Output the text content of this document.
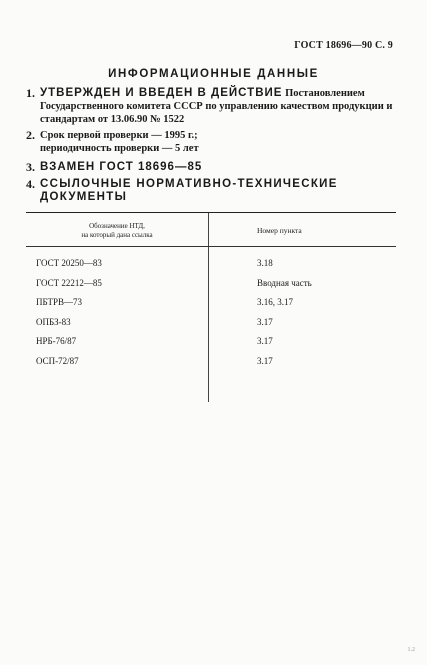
ГОСТ 18696—90 С. 9
ИНФОРМАЦИОННЫЕ ДАННЫЕ
1. УТВЕРЖДЕН И ВВЕДЕН В ДЕЙСТВИЕ Постановлением Государственного комитета СССР по управлению качеством продукции и стандартам от 13.06.90 № 1522
2. Срок первой проверки — 1995 г.;
периодичность проверки — 5 лет
3. ВЗАМЕН ГОСТ 18696—85
4. ССЫЛОЧНЫЕ НОРМАТИВНО-ТЕХНИЧЕСКИЕ ДОКУМЕНТЫ
Обозначение НТД,
на который дана ссылка	Номер пункта
ГОСТ 20250—83
ГОСТ 22212—85
ПБТРВ—73
ОПБЗ-83
НРБ-76/87
ОСП-72/87
3.18
Вводная часть
3.16, 3.17
3.17
3.17
3.17
1.2
